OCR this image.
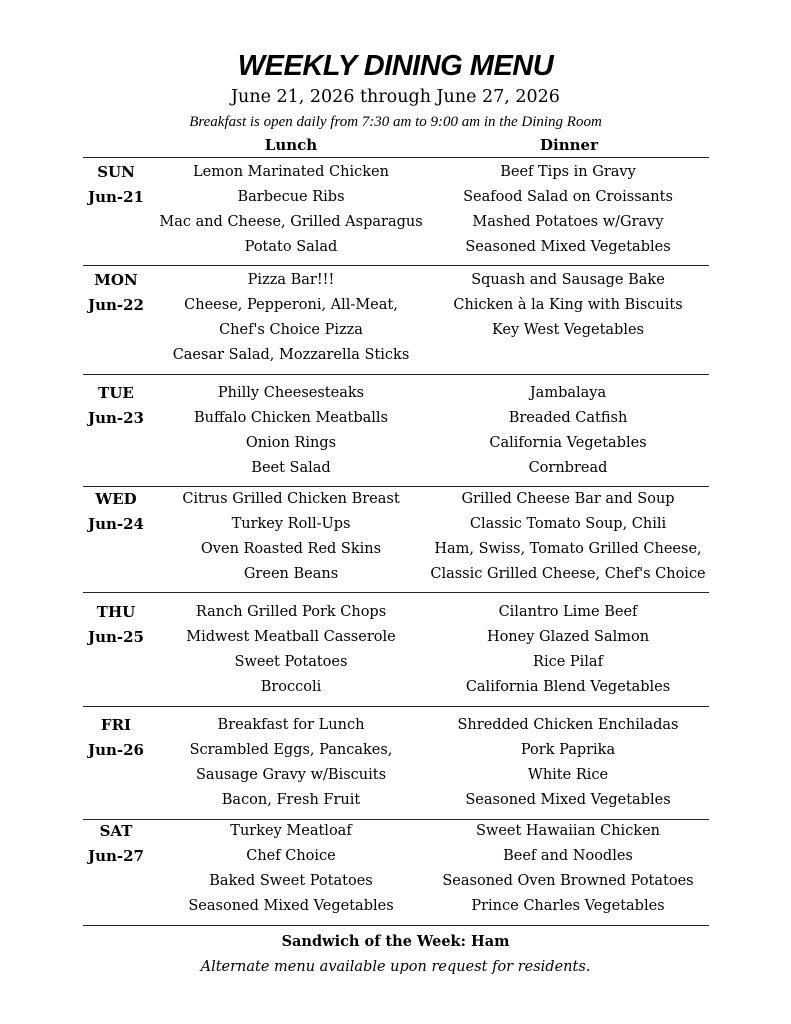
WEEKLY DINING MENU
June 21, 2026 through June 27, 2026
Breakfast is open daily from 7:30 am to 9:00 am in the Dining Room
Lunch	Dinner
SUN
Jun-21
Lemon Marinated Chicken
Barbecue Ribs
Mac and Cheese, Grilled Asparagus
Potato Salad
Beef Tips in Gravy
Seafood Salad on Croissants
Mashed Potatoes w/Gravy
Seasoned Mixed Vegetables
MON
Jun-22
Pizza Bar!!!
Cheese, Pepperoni, All-Meat,
Chef's Choice Pizza
Caesar Salad, Mozzarella Sticks
Squash and Sausage Bake
Chicken à la King with Biscuits
Key West Vegetables
TUE
Jun-23
Philly Cheesesteaks
Buffalo Chicken Meatballs
Onion Rings
Beet Salad
Jambalaya
Breaded Catfish
California Vegetables
Cornbread
WED
Jun-24
Citrus Grilled Chicken Breast
Turkey Roll-Ups
Oven Roasted Red Skins
Green Beans
Grilled Cheese Bar and Soup
Classic Tomato Soup, Chili
Ham, Swiss, Tomato Grilled Cheese,
Classic Grilled Cheese, Chef's Choice
THU
Jun-25
Ranch Grilled Pork Chops
Midwest Meatball Casserole
Sweet Potatoes
Broccoli
Cilantro Lime Beef
Honey Glazed Salmon
Rice Pilaf
California Blend Vegetables
FRI
Jun-26
Breakfast for Lunch
Scrambled Eggs, Pancakes,
Sausage Gravy w/Biscuits
Bacon, Fresh Fruit
Shredded Chicken Enchiladas
Pork Paprika
White Rice
Seasoned Mixed Vegetables
SAT
Jun-27
Turkey Meatloaf
Chef Choice
Baked Sweet Potatoes
Seasoned Mixed Vegetables
Sweet Hawaiian Chicken
Beef and Noodles
Seasoned Oven Browned Potatoes
Prince Charles Vegetables
Sandwich of the Week: Ham
Alternate menu available upon request for residents.
